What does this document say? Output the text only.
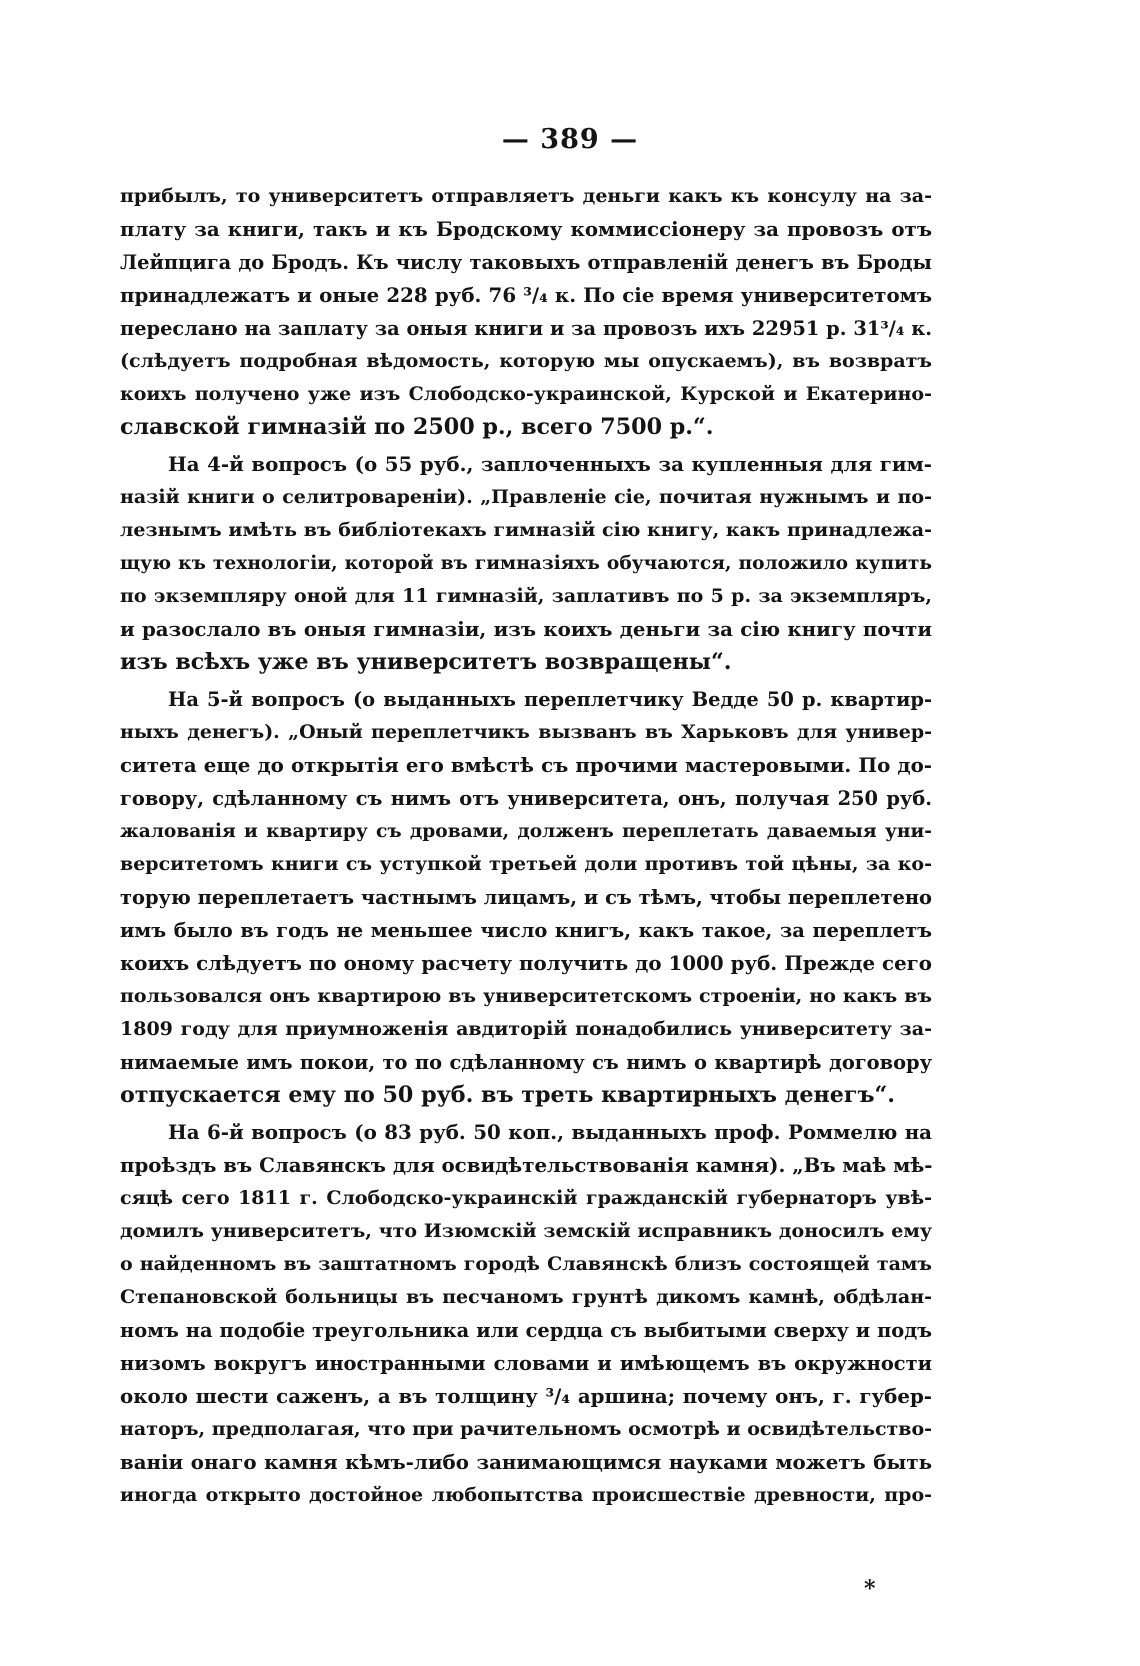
— 389 —
прибылъ, то университетъ отправляетъ деньги какъ къ консулу на за-
плату за книги, такъ и къ Бродскому коммиссіонеру за провозъ отъ
Лейпцига до Бродъ. Къ числу таковыхъ отправленій денегъ въ Броды
принадлежатъ и оные 228 руб. 76 ³/₄ к. По сіе время университетомъ
переслано на заплату за оныя книги и за провозъ ихъ 22951 р. 31³/₄ к.
(слѣдуетъ подробная вѣдомость, которую мы опускаемъ), въ возвратъ
коихъ получено уже изъ Слободско-украинской, Курской и Екатерино-
славской гимназій по 2500 р., всего 7500 р.“.
На 4-й вопросъ (о 55 руб., заплоченныхъ за купленныя для гим-
назій книги о селитровареніи). „Правленіе сіе, почитая нужнымъ и по-
лезнымъ имѣть въ библіотекахъ гимназій сію книгу, какъ принадлежа-
щую къ технологіи, которой въ гимназіяхъ обучаются, положило купить
по экземпляру оной для 11 гимназій, заплативъ по 5 р. за экземпляръ,
и разослало въ оныя гимназіи, изъ коихъ деньги за сію книгу почти
изъ всѣхъ уже въ университетъ возвращены“.
На 5-й вопросъ (о выданныхъ переплетчику Ведде 50 р. квартир-
ныхъ денегъ). „Оный переплетчикъ вызванъ въ Харьковъ для универ-
ситета еще до открытія его вмѣстѣ съ прочими мастеровыми. По до-
говору, сдѣланному съ нимъ отъ университета, онъ, получая 250 руб.
жалованія и квартиру съ дровами, долженъ переплетать даваемыя уни-
верситетомъ книги съ уступкой третьей доли противъ той цѣны, за ко-
торую переплетаетъ частнымъ лицамъ, и съ тѣмъ, чтобы переплетено
имъ было въ годъ не меньшее число книгъ, какъ такое, за переплетъ
коихъ слѣдуетъ по оному расчету получить до 1000 руб. Прежде сего
пользовался онъ квартирою въ университетскомъ строеніи, но какъ въ
1809 году для приумноженія авдиторій понадобились университету за-
нимаемые имъ покои, то по сдѣланному съ нимъ о квартирѣ договору
отпускается ему по 50 руб. въ треть квартирныхъ денегъ“.
На 6-й вопросъ (о 83 руб. 50 коп., выданныхъ проф. Роммелю на
проѣздъ въ Славянскъ для освидѣтельствованія камня). „Въ маѣ мѣ-
сяцѣ сего 1811 г. Слободско-украинскій гражданскій губернаторъ увѣ-
домилъ университетъ, что Изюмскій земскій исправникъ доносилъ ему
о найденномъ въ заштатномъ городѣ Славянскѣ близъ состоящей тамъ
Степановской больницы въ песчаномъ грунтѣ дикомъ камнѣ, обдѣлан-
номъ на подобіе треугольника или сердца съ выбитыми сверху и подъ
низомъ вокругъ иностранными словами и имѣющемъ въ окружности
около шести саженъ, а въ толщину ³/₄ аршина; почему онъ, г. губер-
наторъ, предполагая, что при рачительномъ осмотрѣ и освидѣтельство-
ваніи онаго камня кѣмъ-либо занимающимся науками можетъ быть
иногда открыто достойное любопытства происшествіе древности, про-
*
